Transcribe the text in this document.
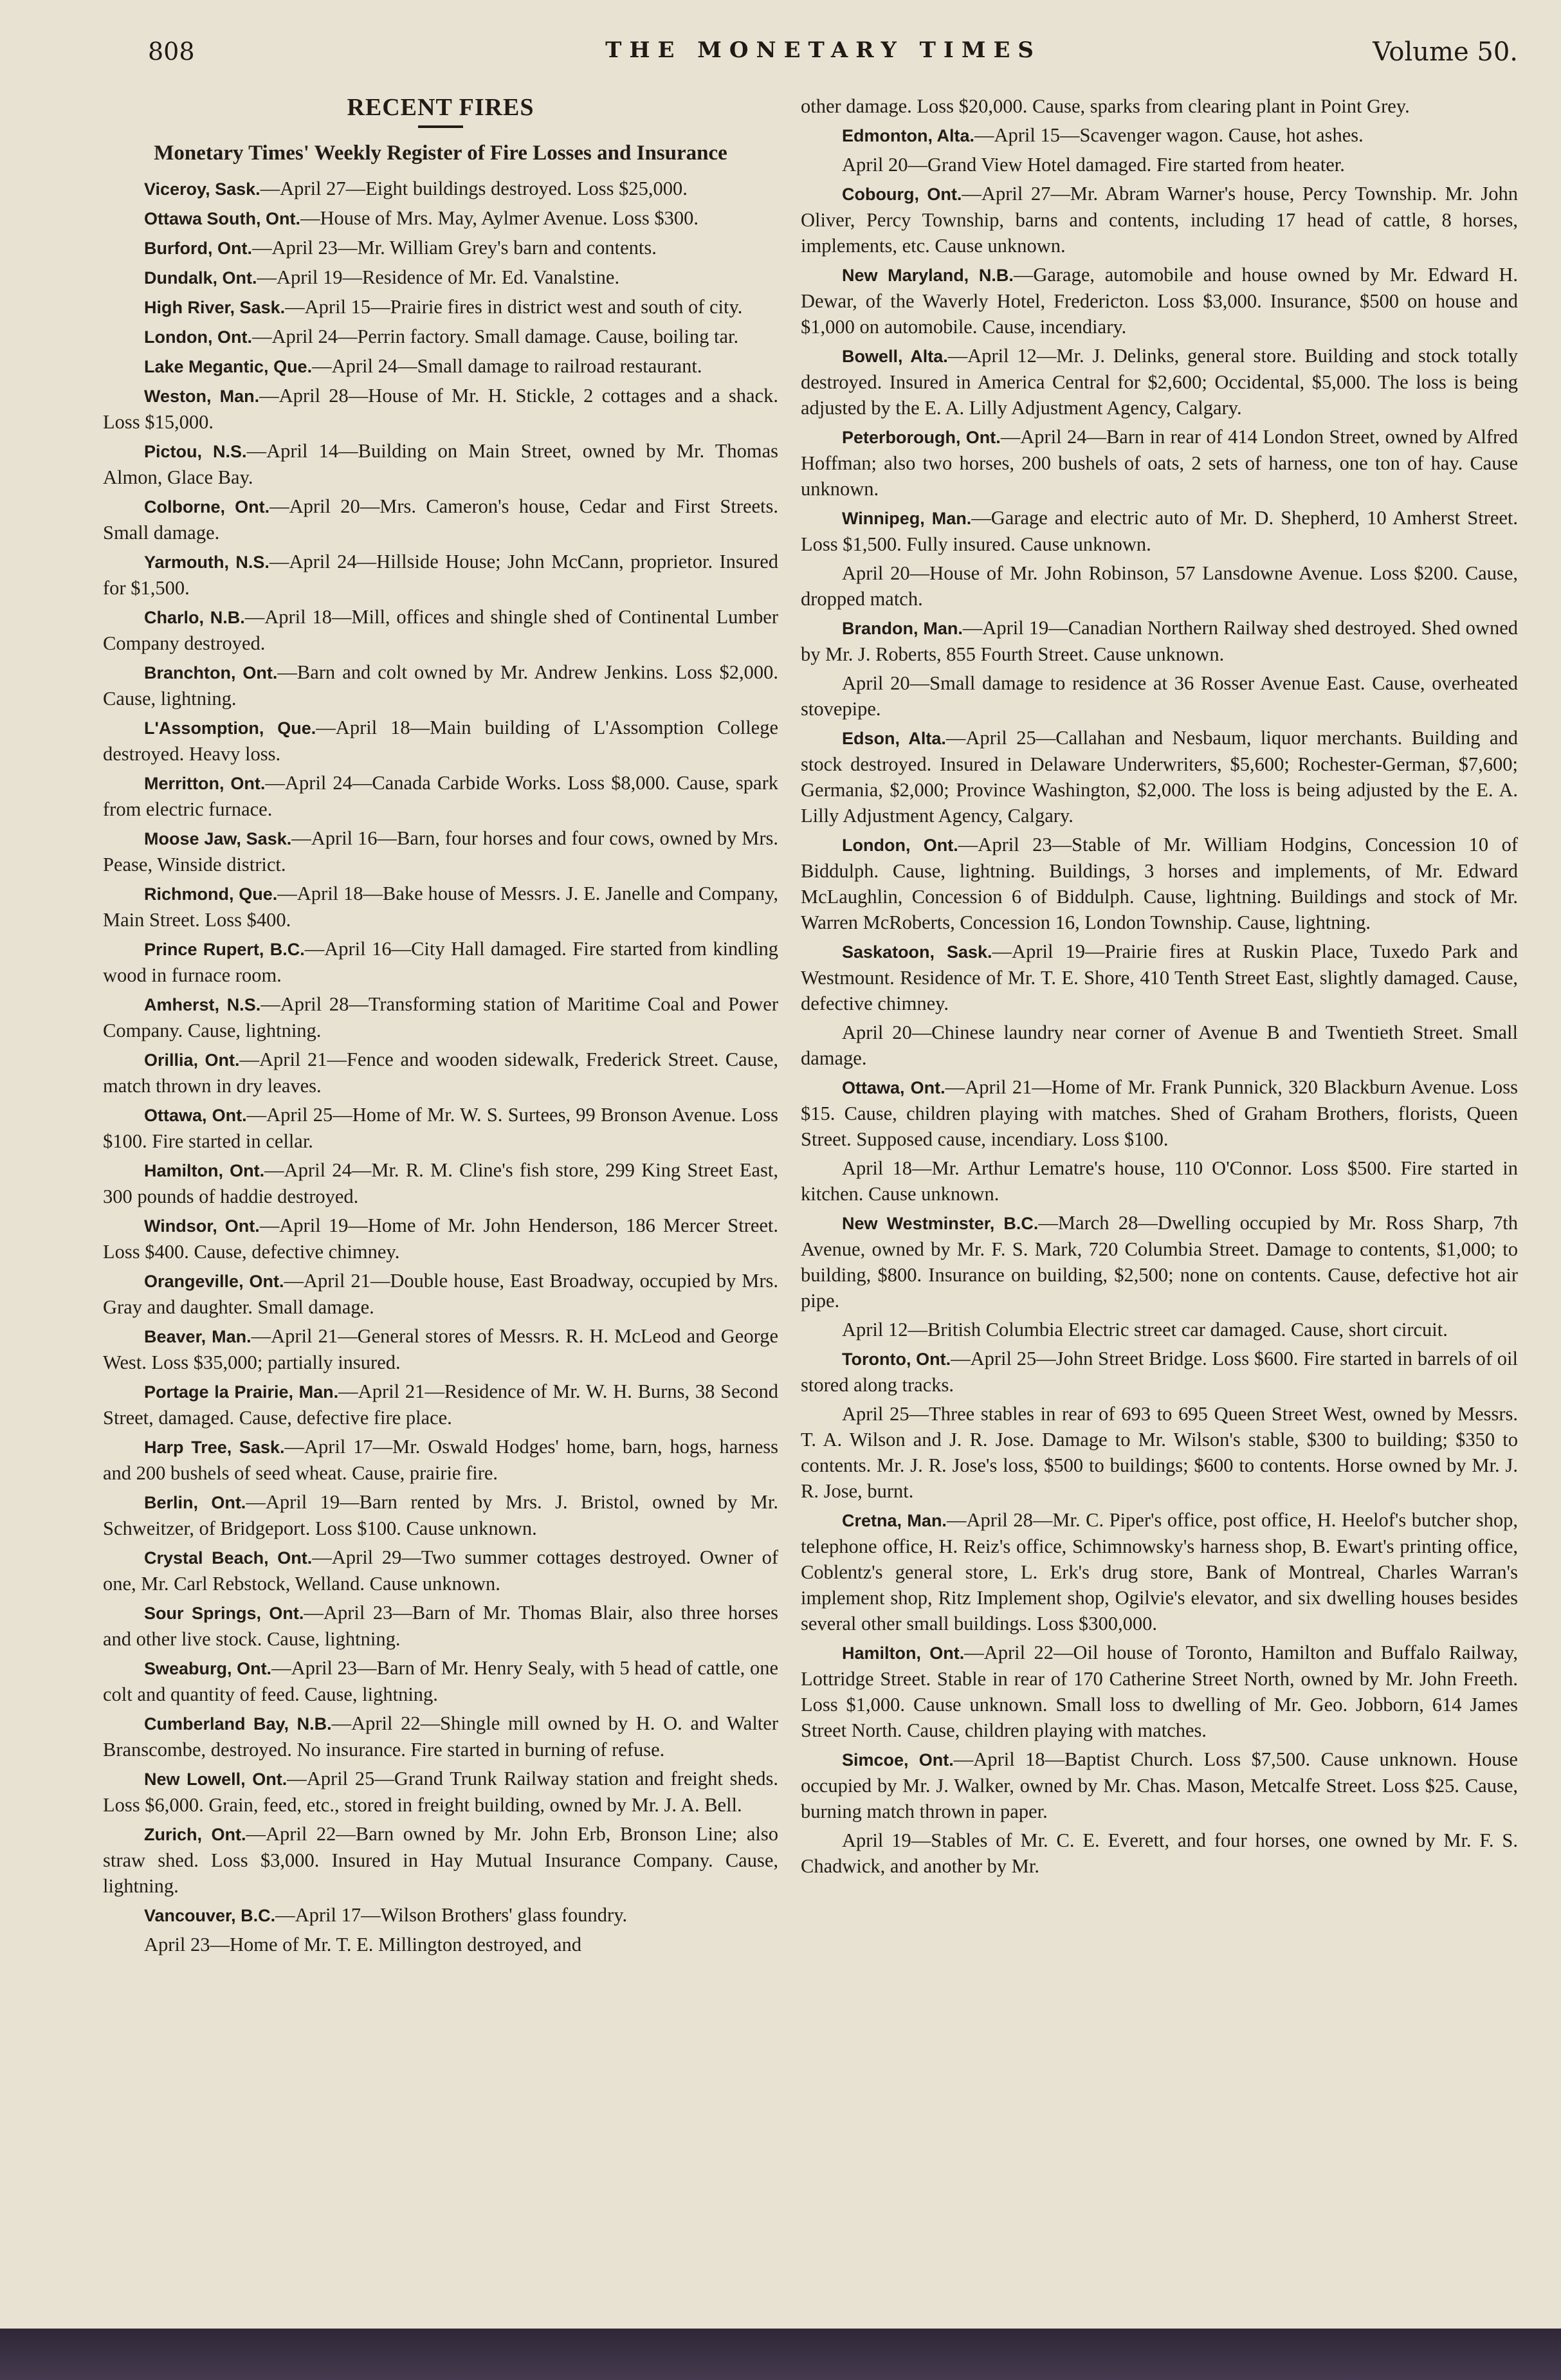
808	THE MONETARY TIMES	Volume 50.
RECENT FIRES
Monetary Times' Weekly Register of Fire Losses and Insurance

Viceroy, Sask.—April 27—Eight buildings destroyed. Loss $25,000.

Ottawa South, Ont.—House of Mrs. May, Aylmer Avenue. Loss $300.

Burford, Ont.—April 23—Mr. William Grey's barn and contents.

Dundalk, Ont.—April 19—Residence of Mr. Ed. Vanalstine.

High River, Sask.—April 15—Prairie fires in district west and south of city.

London, Ont.—April 24—Perrin factory. Small damage. Cause, boiling tar.

Lake Megantic, Que.—April 24—Small damage to railroad restaurant.

Weston, Man.—April 28—House of Mr. H. Stickle, 2 cottages and a shack. Loss $15,000.

Pictou, N.S.—April 14—Building on Main Street, owned by Mr. Thomas Almon, Glace Bay.

Colborne, Ont.—April 20—Mrs. Cameron's house, Cedar and First Streets. Small damage.

Yarmouth, N.S.—April 24—Hillside House; John McCann, proprietor. Insured for $1,500.

Charlo, N.B.—April 18—Mill, offices and shingle shed of Continental Lumber Company destroyed.

Branchton, Ont.—Barn and colt owned by Mr. Andrew Jenkins. Loss $2,000. Cause, lightning.

L'Assomption, Que.—April 18—Main building of L'Assomption College destroyed. Heavy loss.

Merritton, Ont.—April 24—Canada Carbide Works. Loss $8,000. Cause, spark from electric furnace.

Moose Jaw, Sask.—April 16—Barn, four horses and four cows, owned by Mrs. Pease, Winside district.

Richmond, Que.—April 18—Bake house of Messrs. J. E. Janelle and Company, Main Street. Loss $400.

Prince Rupert, B.C.—April 16—City Hall damaged. Fire started from kindling wood in furnace room.

Amherst, N.S.—April 28—Transforming station of Maritime Coal and Power Company. Cause, lightning.

Orillia, Ont.—April 21—Fence and wooden sidewalk, Frederick Street. Cause, match thrown in dry leaves.

Ottawa, Ont.—April 25—Home of Mr. W. S. Surtees, 99 Bronson Avenue. Loss $100. Fire started in cellar.

Hamilton, Ont.—April 24—Mr. R. M. Cline's fish store, 299 King Street East, 300 pounds of haddie destroyed.

Windsor, Ont.—April 19—Home of Mr. John Henderson, 186 Mercer Street. Loss $400. Cause, defective chimney.

Orangeville, Ont.—April 21—Double house, East Broadway, occupied by Mrs. Gray and daughter. Small damage.

Beaver, Man.—April 21—General stores of Messrs. R. H. McLeod and George West. Loss $35,000; partially insured.

Portage la Prairie, Man.—April 21—Residence of Mr. W. H. Burns, 38 Second Street, damaged. Cause, defective fire place.

Harp Tree, Sask.—April 17—Mr. Oswald Hodges' home, barn, hogs, harness and 200 bushels of seed wheat. Cause, prairie fire.

Berlin, Ont.—April 19—Barn rented by Mrs. J. Bristol, owned by Mr. Schweitzer, of Bridgeport. Loss $100. Cause unknown.

Crystal Beach, Ont.—April 29—Two summer cottages destroyed. Owner of one, Mr. Carl Rebstock, Welland. Cause unknown.

Sour Springs, Ont.—April 23—Barn of Mr. Thomas Blair, also three horses and other live stock. Cause, lightning.

Sweaburg, Ont.—April 23—Barn of Mr. Henry Sealy, with 5 head of cattle, one colt and quantity of feed. Cause, lightning.

Cumberland Bay, N.B.—April 22—Shingle mill owned by H. O. and Walter Branscombe, destroyed. No insurance. Fire started in burning of refuse.

New Lowell, Ont.—April 25—Grand Trunk Railway station and freight sheds. Loss $6,000. Grain, feed, etc., stored in freight building, owned by Mr. J. A. Bell.

Zurich, Ont.—April 22—Barn owned by Mr. John Erb, Bronson Line; also straw shed. Loss $3,000. Insured in Hay Mutual Insurance Company. Cause, lightning.

Vancouver, B.C.—April 17—Wilson Brothers' glass foundry.

April 23—Home of Mr. T. E. Millington destroyed, and

other damage. Loss $20,000. Cause, sparks from clearing plant in Point Grey.

Edmonton, Alta.—April 15—Scavenger wagon. Cause, hot ashes.

April 20—Grand View Hotel damaged. Fire started from heater.

Cobourg, Ont.—April 27—Mr. Abram Warner's house, Percy Township. Mr. John Oliver, Percy Township, barns and contents, including 17 head of cattle, 8 horses, implements, etc. Cause unknown.

New Maryland, N.B.—Garage, automobile and house owned by Mr. Edward H. Dewar, of the Waverly Hotel, Fredericton. Loss $3,000. Insurance, $500 on house and $1,000 on automobile. Cause, incendiary.

Bowell, Alta.—April 12—Mr. J. Delinks, general store. Building and stock totally destroyed. Insured in America Central for $2,600; Occidental, $5,000. The loss is being adjusted by the E. A. Lilly Adjustment Agency, Calgary.

Peterborough, Ont.—April 24—Barn in rear of 414 London Street, owned by Alfred Hoffman; also two horses, 200 bushels of oats, 2 sets of harness, one ton of hay. Cause unknown.

Winnipeg, Man.—Garage and electric auto of Mr. D. Shepherd, 10 Amherst Street. Loss $1,500. Fully insured. Cause unknown.

April 20—House of Mr. John Robinson, 57 Lansdowne Avenue. Loss $200. Cause, dropped match.

Brandon, Man.—April 19—Canadian Northern Railway shed destroyed. Shed owned by Mr. J. Roberts, 855 Fourth Street. Cause unknown.

April 20—Small damage to residence at 36 Rosser Avenue East. Cause, overheated stovepipe.

Edson, Alta.—April 25—Callahan and Nesbaum, liquor merchants. Building and stock destroyed. Insured in Delaware Underwriters, $5,600; Rochester-German, $7,600; Germania, $2,000; Province Washington, $2,000. The loss is being adjusted by the E. A. Lilly Adjustment Agency, Calgary.

London, Ont.—April 23—Stable of Mr. William Hodgins, Concession 10 of Biddulph. Cause, lightning. Buildings, 3 horses and implements, of Mr. Edward McLaughlin, Concession 6 of Biddulph. Cause, lightning. Buildings and stock of Mr. Warren McRoberts, Concession 16, London Township. Cause, lightning.

Saskatoon, Sask.—April 19—Prairie fires at Ruskin Place, Tuxedo Park and Westmount. Residence of Mr. T. E. Shore, 410 Tenth Street East, slightly damaged. Cause, defective chimney.

April 20—Chinese laundry near corner of Avenue B and Twentieth Street. Small damage.

Ottawa, Ont.—April 21—Home of Mr. Frank Punnick, 320 Blackburn Avenue. Loss $15. Cause, children playing with matches. Shed of Graham Brothers, florists, Queen Street. Supposed cause, incendiary. Loss $100.

April 18—Mr. Arthur Lematre's house, 110 O'Connor. Loss $500. Fire started in kitchen. Cause unknown.

New Westminster, B.C.—March 28—Dwelling occupied by Mr. Ross Sharp, 7th Avenue, owned by Mr. F. S. Mark, 720 Columbia Street. Damage to contents, $1,000; to building, $800. Insurance on building, $2,500; none on contents. Cause, defective hot air pipe.

April 12—British Columbia Electric street car damaged. Cause, short circuit.

Toronto, Ont.—April 25—John Street Bridge. Loss $600. Fire started in barrels of oil stored along tracks.

April 25—Three stables in rear of 693 to 695 Queen Street West, owned by Messrs. T. A. Wilson and J. R. Jose. Damage to Mr. Wilson's stable, $300 to building; $350 to contents. Mr. J. R. Jose's loss, $500 to buildings; $600 to contents. Horse owned by Mr. J. R. Jose, burnt.

Cretna, Man.—April 28—Mr. C. Piper's office, post office, H. Heelof's butcher shop, telephone office, H. Reiz's office, Schimnowsky's harness shop, B. Ewart's printing office, Coblentz's general store, L. Erk's drug store, Bank of Montreal, Charles Warran's implement shop, Ritz Implement shop, Ogilvie's elevator, and six dwelling houses besides several other small buildings. Loss $300,000.

Hamilton, Ont.—April 22—Oil house of Toronto, Hamilton and Buffalo Railway, Lottridge Street. Stable in rear of 170 Catherine Street North, owned by Mr. John Freeth. Loss $1,000. Cause unknown. Small loss to dwelling of Mr. Geo. Jobborn, 614 James Street North. Cause, children playing with matches.

Simcoe, Ont.—April 18—Baptist Church. Loss $7,500. Cause unknown. House occupied by Mr. J. Walker, owned by Mr. Chas. Mason, Metcalfe Street. Loss $25. Cause, burning match thrown in paper.

April 19—Stables of Mr. C. E. Everett, and four horses, one owned by Mr. F. S. Chadwick, and another by Mr.
